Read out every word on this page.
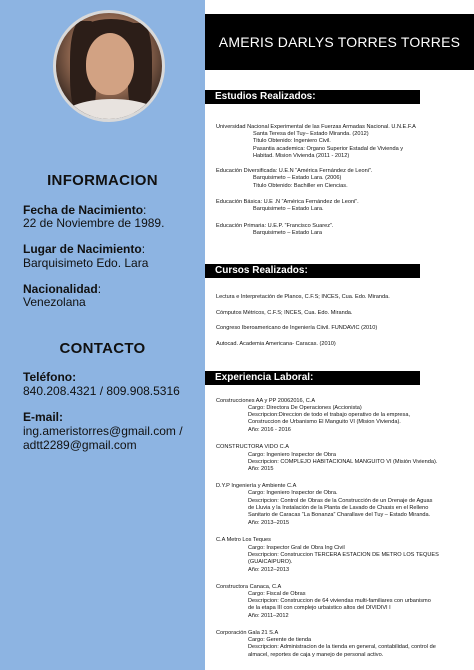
INFORMACION
Fecha de Nacimiento:
22 de Noviembre de 1989.
Lugar de Nacimiento:
Barquisimeto Edo. Lara
Nacionalidad:
Venezolana
CONTACTO
Teléfono:
840.208.4321 / 809.908.5316
E-mail:
ing.ameristorres@gmail.com /
adtt2289@gmail.com
AMERIS DARLYS TORRES TORRES
Estudios Realizados:
Universidad Nacional Experimental de las Fuerzas Armadas Nacional. U.N.E.F.A
Santa Teresa del Tuy– Estado Miranda. (2012)
Titulo Obtenido: Ingeniero Civil.
Pasantia academica: Organo Superior Estadal de Vivienda y
Habitad. Mision Vivienda (2011 - 2012)
Educación Diversificada: U.E.N “América Fernández de Leoni”.
Barquisimeto – Estado Lara. (2006)
Titulo Obtenido: Bachiller en Ciencias.
Educación Básica: U.E .N “América Fernández de Leoni”.
Barquisimeto – Estado Lara.
Educación Primaria: U.E.P. “Francisco Suarez”.
Barquisimeto – Estado Lara
Cursos Realizados:
Lectura e Interpretación de Planos, C.F.S; INCES, Cua. Edo. Miranda.
Cómputos Métricos, C.F.S; INCES, Cua. Edo. Miranda.
Congreso Iberoamericano de Ingeniería Ciivil. FUNDAVIC (2010)
Autocad. Academia Americana- Caracas. (2010)
Experiencia Laboral:
Construcciones AA y PP 20062016, C.A
Cargo: Directora De Operaciones (Accionista)
Descripcion:Direccion de todo el trabajo operativo de la empresa,
Construccion de Urbanismo El Manguito VI (Mision Vivienda).
Año: 2016 - 2016
CONSTRUCTORA VIDO C.A
Cargo: Ingeniero Inspector de Obra
Descripcion: COMPLEJO HABITACIONAL MANGUITO VI (Misión Vivienda).
Año: 2015
D.Y.P Ingeniería y Ambiente C.A
Cargo: Ingeniero Inspector de Obra.
Descripcion: Control de Obras de la Construcción de un Drenaje de Aguas
de Lluvia y la Instalación de la Planta de Lavado de Chasis en el Relleno
Sanitario de Caracas “La Bonanza” Charallave del Tuy – Estado Miranda.
Año: 2013–2015
C.A Metro Los Teques
Cargo: Inspector Gral de Obra Ing Civil
Descripcion: Construccion TERCERA ESTACION DE METRO LOS TEQUES
(GUAICAIPURO).
Año: 2012–2013
Constructora Canaca, C.A
Cargo: Fiscal de Obras
Descripcion: Construccion de 64 viviendas multi-familiares con urbanismo
de la etapa III con complejo urbaistico altos del DIVIDIVI I
Año: 2011–2012
Corporación Gala 21 S.A
Cargo: Gerente de tienda
Descripcion: Administracion de la tienda en general, contabilidad, control de
almacel, reportes de caja y manejo de personal activo.
